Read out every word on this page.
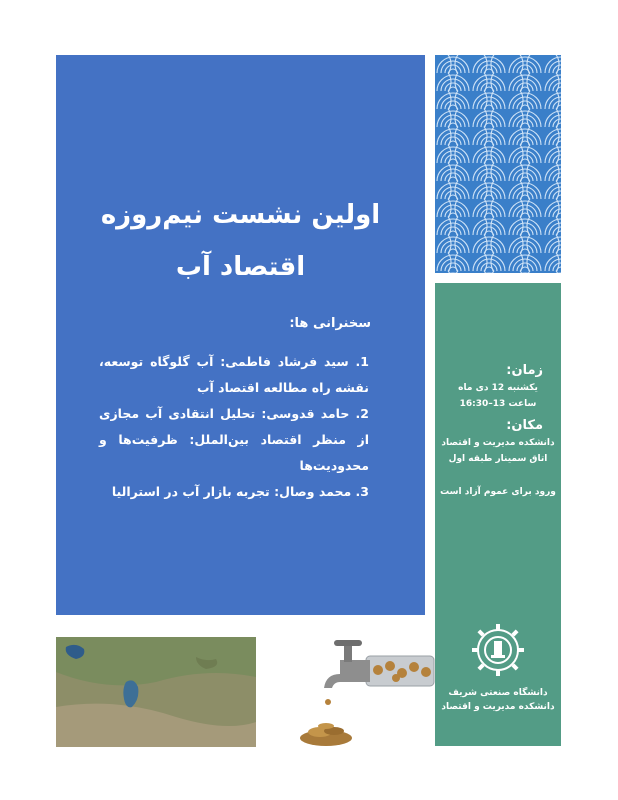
اولین نشست نیم‌روزه
اقتصاد آب
سخنرانی ها:

1. سید فرشاد فاطمی: آب گلوگاه توسعه، نقشه راه مطالعه اقتصاد آب

2. حامد قدوسی: تحلیل انتقادی آب مجازی از منظر اقتصاد بین‌الملل: ظرفیت‌ها و محدودیت‌ها

3. محمد وصال: تجربه بازار آب در استرالیا

زمان:
یکشنبه 12 دی ماه
ساعت 13–16:30
مکان:
دانشکده مدیریت و اقتصاد
اتاق سمینار طبقه اول
ورود برای عموم آزاد است
دانشگاه صنعتی شریف
دانشکده مدیریت و اقتصاد
